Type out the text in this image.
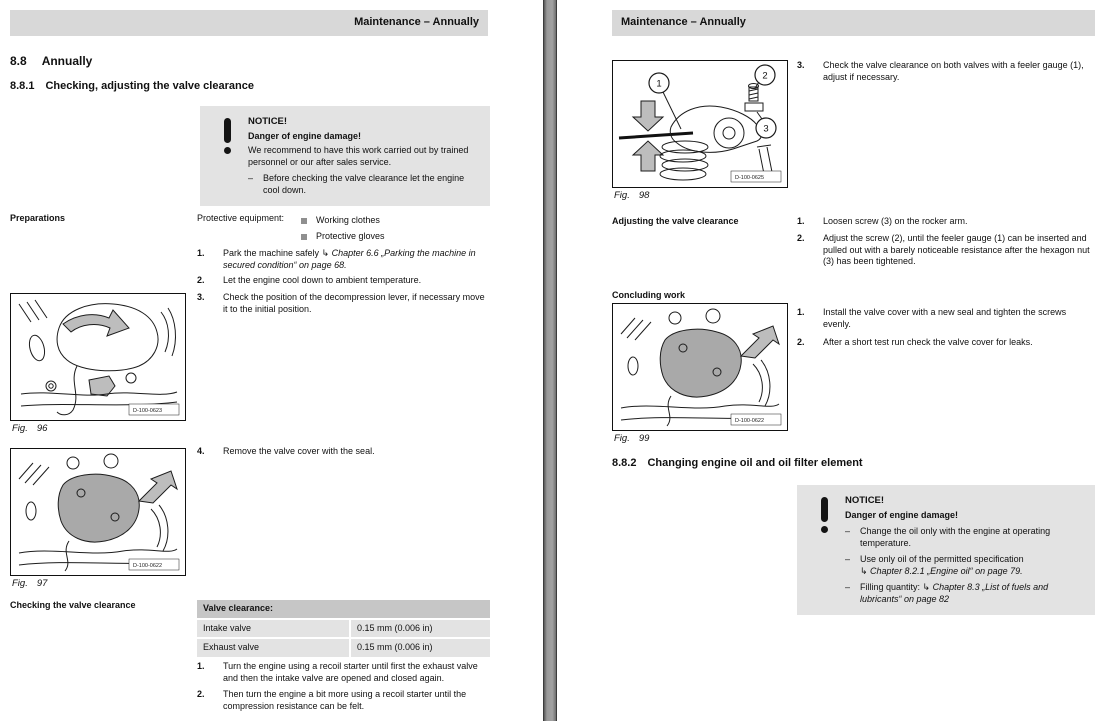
Maintenance – Annually
8.8 Annually
8.8.1 Checking, adjusting the valve clearance
NOTICE!
Danger of engine damage!
We recommend to have this work carried out by trained personnel or our after sales service.
–	Before checking the valve clearance let the engine cool down.
Preparations	Protective equipment:	Working clothes
Protective gloves
1.	Park the machine safely ↳ Chapter 6.6 „Parking the machine in secured condition“ on page 68.
2.	Let the engine cool down to ambient temperature.
3.	Check the position of the decompression lever, if necessary move it to the initial position.
D-100-0623
Fig. 96
4.	Remove the valve cover with the seal.
D-100-0622
Fig. 97
Checking the valve clearance	Valve clearance:
Intake valve	0.15 mm (0.006 in)
Exhaust valve	0.15 mm (0.006 in)
1.	Turn the engine using a recoil starter until first the exhaust valve and then the intake valve are opened and closed again.
2.	Then turn the engine a bit more using a recoil starter until the compression resistance can be felt.
Maintenance – Annually
1
2
3
D-100-0625
Fig. 98
3.	Check the valve clearance on both valves with a feeler gauge (1), adjust if necessary.
Adjusting the valve clearance	1.	Loosen screw (3) on the rocker arm.
2.	Adjust the screw (2), until the feeler gauge (1) can be inserted and pulled out with a barely noticeable resistance after the hexagon nut (3) has been tightened.
Concluding work
D-100-0622
Fig. 99
1.	Install the valve cover with a new seal and tighten the screws evenly.
2.	After a short test run check the valve cover for leaks.
8.8.2 Changing engine oil and oil filter element
NOTICE!
Danger of engine damage!
–	Change the oil only with the engine at operating temperature.
–	Use only oil of the permitted specification
↳ Chapter 8.2.1 „Engine oil“ on page 79.
–	Filling quantity: ↳ Chapter 8.3 „List of fuels and lubricants“ on page 82
